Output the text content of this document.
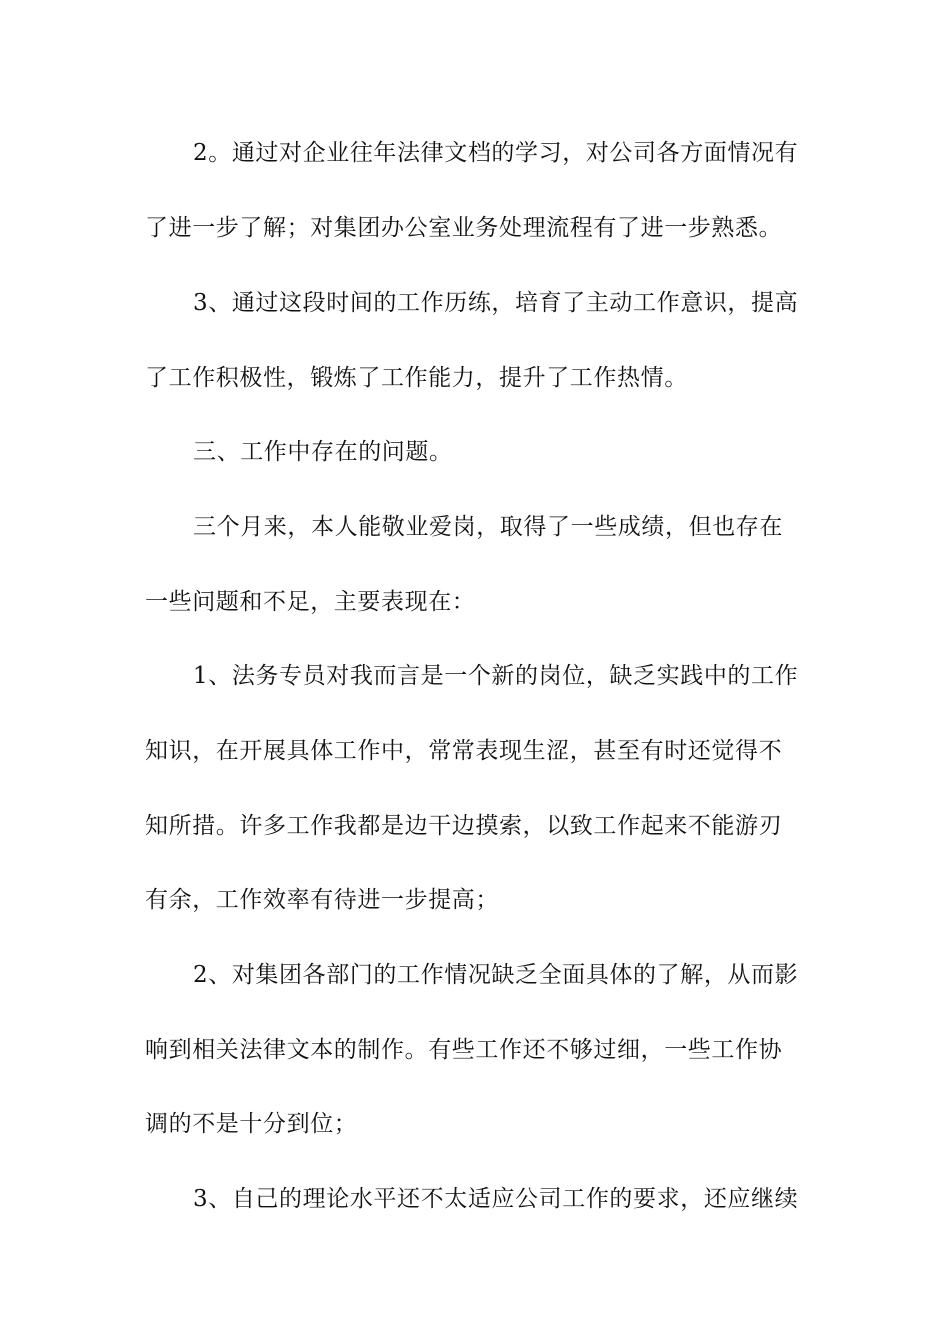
2。通过对企业往年法律文档的学习，对公司各方面情况有
了进一步了解；对集团办公室业务处理流程有了进一步熟悉。
3、通过这段时间的工作历练，培育了主动工作意识，提高
了工作积极性，锻炼了工作能力，提升了工作热情。
三、工作中存在的问题。
三个月来，本人能敬业爱岗，取得了一些成绩，但也存在
一些问题和不足，主要表现在：
1、法务专员对我而言是一个新的岗位，缺乏实践中的工作
知识，在开展具体工作中，常常表现生涩，甚至有时还觉得不
知所措。许多工作我都是边干边摸索，以致工作起来不能游刃
有余，工作效率有待进一步提高；
2、对集团各部门的工作情况缺乏全面具体的了解，从而影
响到相关法律文本的制作。有些工作还不够过细，一些工作协
调的不是十分到位；
3、自己的理论水平还不太适应公司工作的要求，还应继续
